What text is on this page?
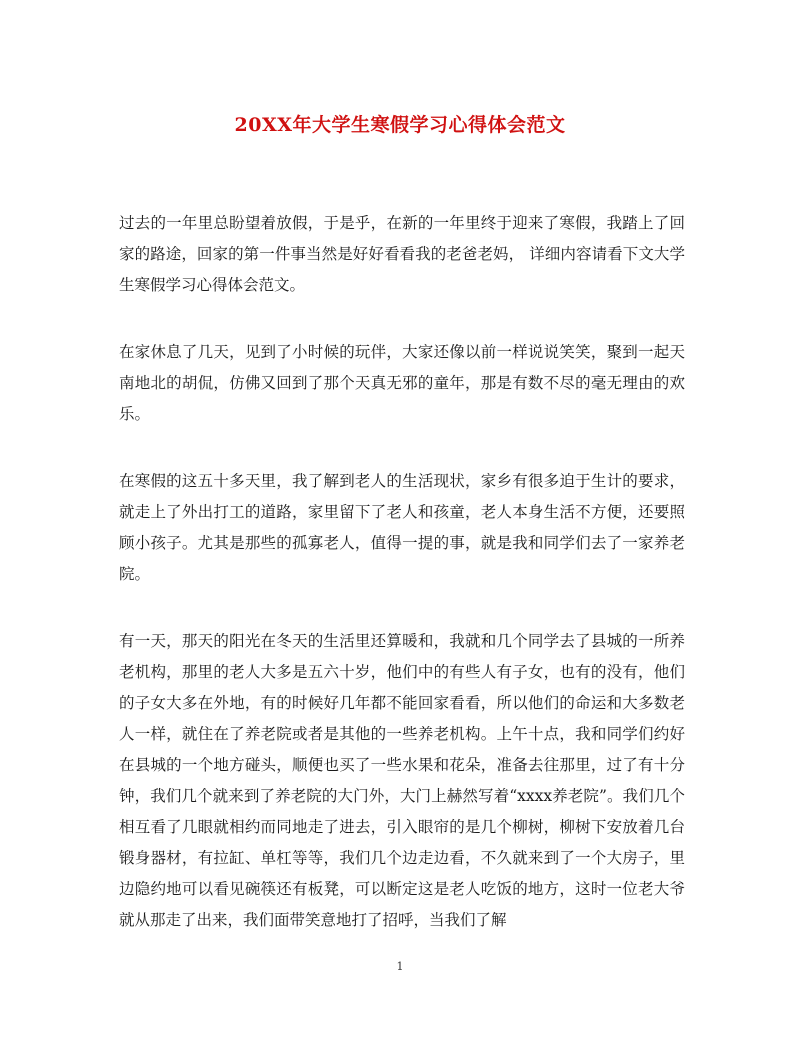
20XX年大学生寒假学习心得体会范文

过去的一年里总盼望着放假，于是乎，在新的一年里终于迎来了寒假，我踏上了回家的路途，回家的第一件事当然是好好看看我的老爸老妈， 详细内容请看下文大学生寒假学习心得体会范文。

在家休息了几天，见到了小时候的玩伴，大家还像以前一样说说笑笑，聚到一起天南地北的胡侃，仿佛又回到了那个天真无邪的童年，那是有数不尽的毫无理由的欢乐。

在寒假的这五十多天里，我了解到老人的生活现状，家乡有很多迫于生计的要求，就走上了外出打工的道路，家里留下了老人和孩童，老人本身生活不方便，还要照顾小孩子。尤其是那些的孤寡老人，值得一提的事，就是我和同学们去了一家养老院。

有一天，那天的阳光在冬天的生活里还算暖和，我就和几个同学去了县城的一所养老机构，那里的老人大多是五六十岁，他们中的有些人有子女，也有的没有，他们的子女大多在外地，有的时候好几年都不能回家看看，所以他们的命运和大多数老人一样，就住在了养老院或者是其他的一些养老机构。上午十点，我和同学们约好在县城的一个地方碰头，顺便也买了一些水果和花朵，准备去往那里，过了有十分钟，我们几个就来到了养老院的大门外，大门上赫然写着“xxxx养老院”。我们几个相互看了几眼就相约而同地走了进去，引入眼帘的是几个柳树，柳树下安放着几台锻身器材，有拉缸、单杠等等，我们几个边走边看，不久就来到了一个大房子，里边隐约地可以看见碗筷还有板凳，可以断定这是老人吃饭的地方，这时一位老大爷就从那走了出来，我们面带笑意地打了招呼，当我们了解

1
